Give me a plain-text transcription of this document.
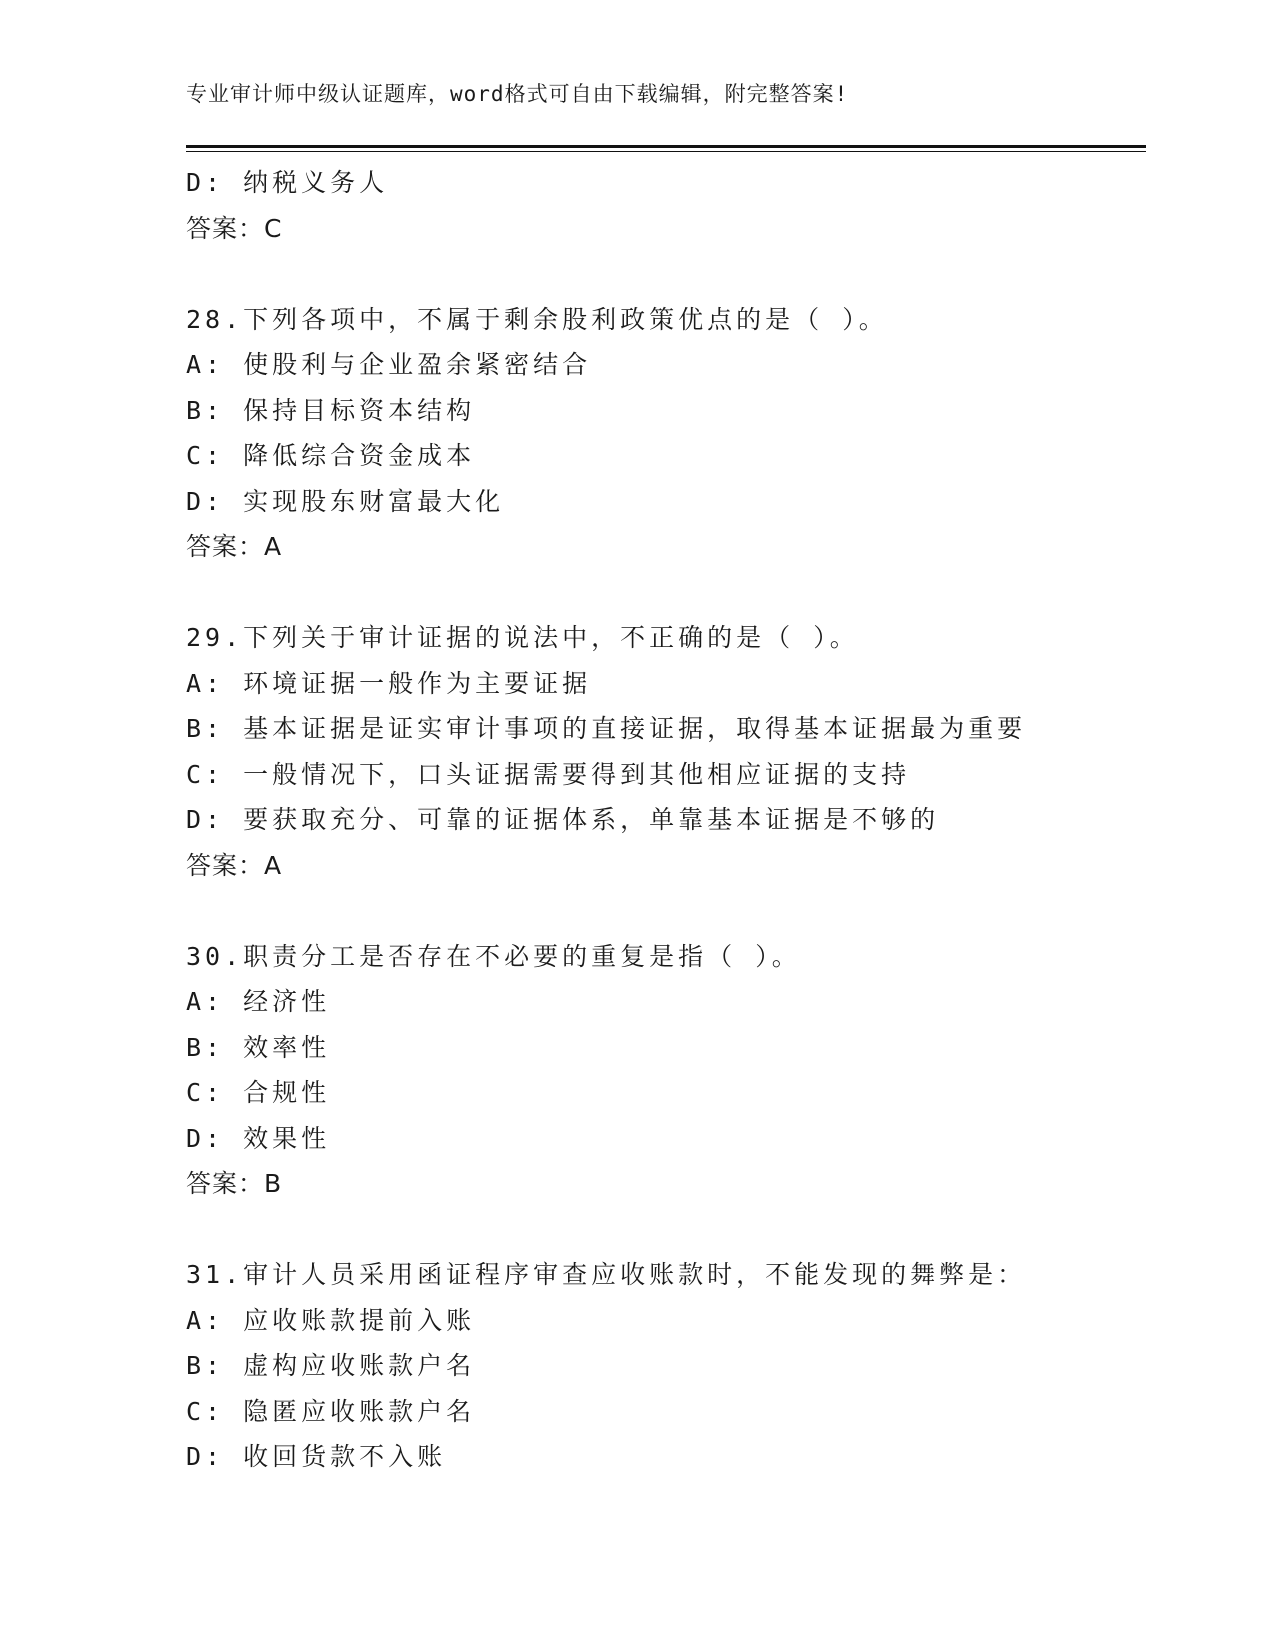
专业审计师中级认证题库，word格式可自由下载编辑，附完整答案!
D: 纳税义务人
答案：C
28.下列各项中，不属于剩余股利政策优点的是（ ）。
A: 使股利与企业盈余紧密结合
B: 保持目标资本结构
C: 降低综合资金成本
D: 实现股东财富最大化
答案：A
29.下列关于审计证据的说法中，不正确的是（ ）。
A: 环境证据一般作为主要证据
B: 基本证据是证实审计事项的直接证据，取得基本证据最为重要
C: 一般情况下，口头证据需要得到其他相应证据的支持
D: 要获取充分、可靠的证据体系，单靠基本证据是不够的
答案：A
30.职责分工是否存在不必要的重复是指（ ）。
A: 经济性
B: 效率性
C: 合规性
D: 效果性
答案：B
31.审计人员采用函证程序审查应收账款时，不能发现的舞弊是：
A: 应收账款提前入账
B: 虚构应收账款户名
C: 隐匿应收账款户名
D: 收回货款不入账
